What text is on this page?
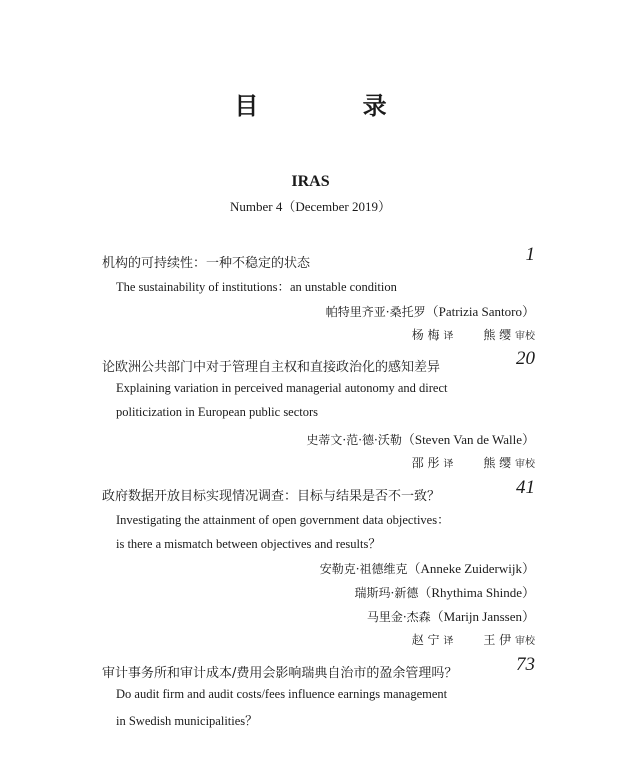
目 录
IRAS
Number 4（December 2019）
机构的可持续性：一种不稳定的状态	1
The sustainability of institutions：an unstable condition
帕特里齐亚·桑托罗（Patrizia Santoro）
杨 梅 译	熊 缨 审校
论欧洲公共部门中对于管理自主权和直接政治化的感知差异	20
Explaining variation in perceived managerial autonomy and direct
politicization in European public sectors
史蒂文·范·德·沃勒（Steven Van de Walle）
邵 彤 译	熊 缨 审校
政府数据开放目标实现情况调查：目标与结果是否不一致？	41
Investigating the attainment of open government data objectives：
is there a mismatch between objectives and results？
安勒克·祖德维克（Anneke Zuiderwijk）
瑞斯玛·新德（Rhythima Shinde）
马里金·杰森（Marijn Janssen）
赵 宁 译	王 伊 审校
审计事务所和审计成本/费用会影响瑞典自治市的盈余管理吗？	73
Do audit firm and audit costs/fees influence earnings management
in Swedish municipalities？
